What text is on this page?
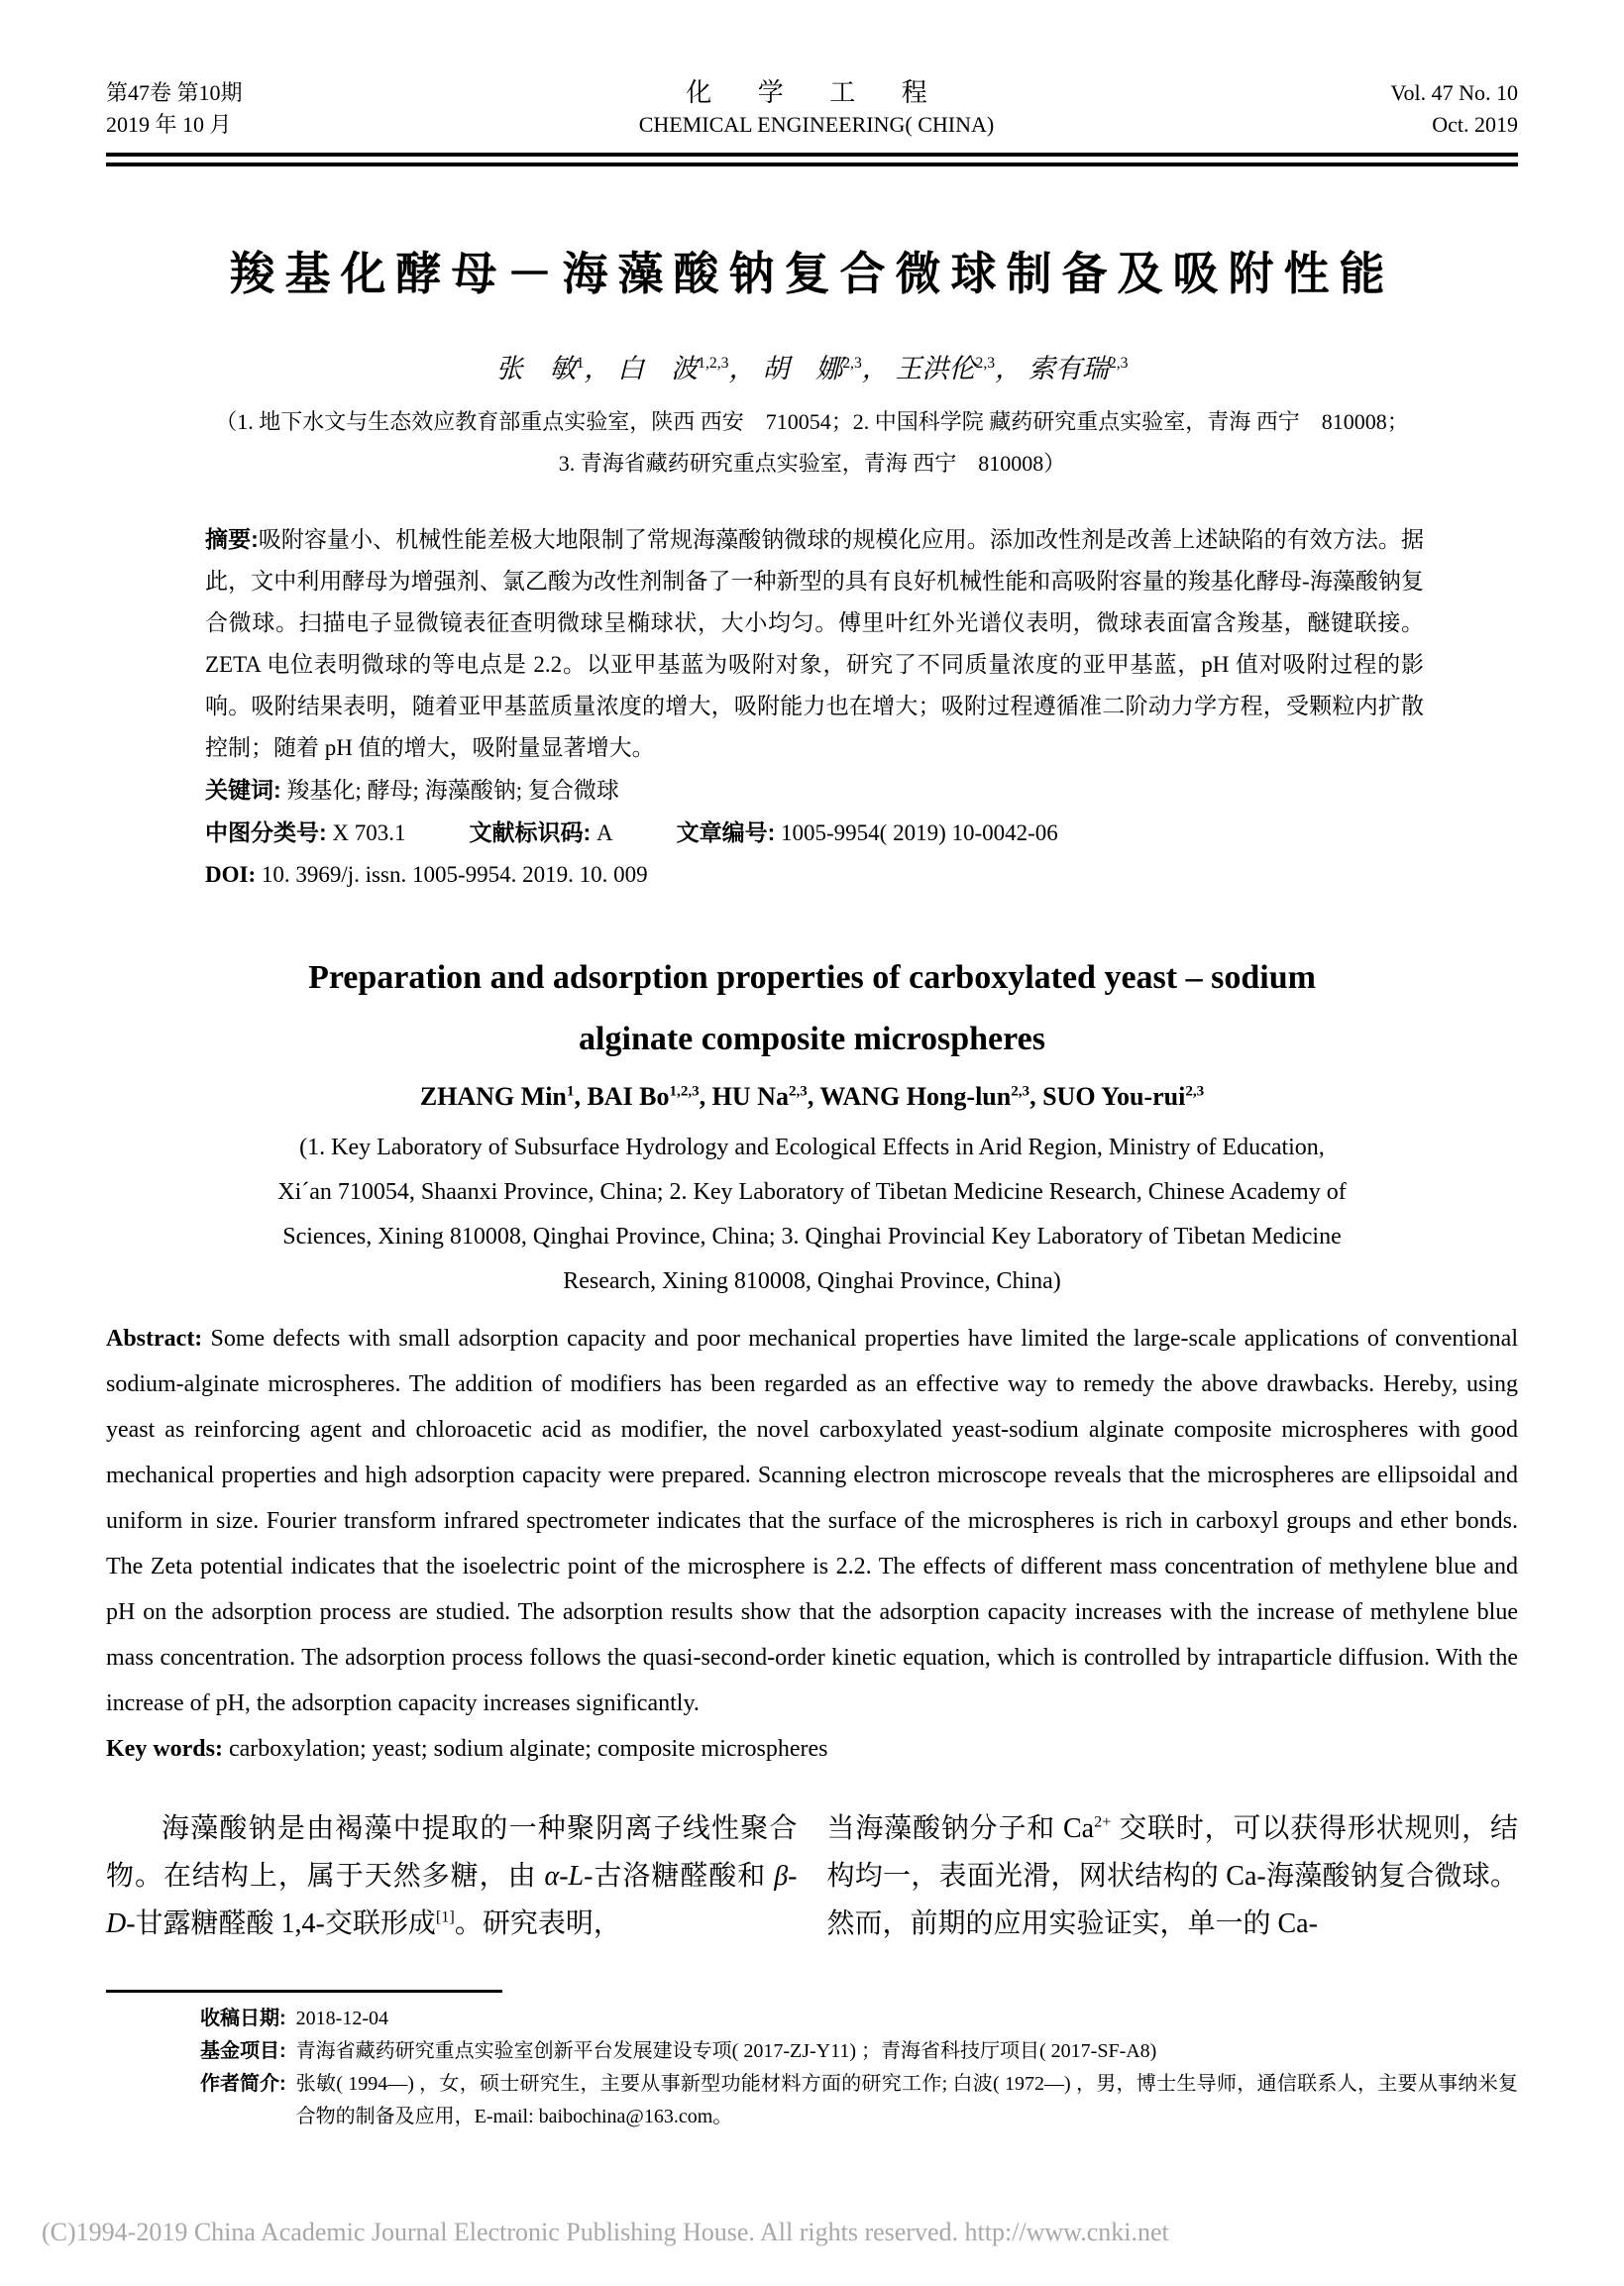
第47卷 第10期
2019 年 10 月
化 学 工 程
CHEMICAL ENGINEERING( CHINA)
Vol. 47 No. 10
Oct. 2019
羧基化酵母－海藻酸钠复合微球制备及吸附性能
张　敏$^1$， 白　波$^{1,2,3}$， 胡　娜$^{2,3}$， 王洪伦$^{2,3}$， 索有瑞$^{2,3}$
（1. 地下水文与生态效应教育部重点实验室，陕西 西安　710054；2. 中国科学院 藏药研究重点实验室，青海 西宁　810008；
3. 青海省藏药研究重点实验室，青海 西宁　810008）

摘要:吸附容量小、机械性能差极大地限制了常规海藻酸钠微球的规模化应用。添加改性剂是改善上述缺陷的有效方法。据此，文中利用酵母为增强剂、氯乙酸为改性剂制备了一种新型的具有良好机械性能和高吸附容量的羧基化酵母-海藻酸钠复合微球。扫描电子显微镜表征查明微球呈椭球状，大小均匀。傅里叶红外光谱仪表明，微球表面富含羧基，醚键联接。ZETA 电位表明微球的等电点是 2.2。以亚甲基蓝为吸附对象，研究了不同质量浓度的亚甲基蓝，pH 值对吸附过程的影响。吸附结果表明，随着亚甲基蓝质量浓度的增大，吸附能力也在增大；吸附过程遵循准二阶动力学方程，受颗粒内扩散控制；随着 pH 值的增大，吸附量显著增大。

关键词: 羧基化; 酵母; 海藻酸钠; 复合微球
中图分类号: X 703.1	文献标识码: A	文章编号: 1005-9954( 2019) 10-0042-06
DOI: 10. 3969/j. issn. 1005-9954. 2019. 10. 009
Preparation and adsorption properties of carboxylated yeast – sodium
alginate composite microspheres
ZHANG Min$^1$, BAI Bo$^{1,2,3}$, HU Na$^{2,3}$, WANG Hong-lun$^{2,3}$, SUO You-rui$^{2,3}$
(1. Key Laboratory of Subsurface Hydrology and Ecological Effects in Arid Region, Ministry of Education,
Xi´an 710054, Shaanxi Province, China; 2. Key Laboratory of Tibetan Medicine Research, Chinese Academy of
Sciences, Xining 810008, Qinghai Province, China; 3. Qinghai Provincial Key Laboratory of Tibetan Medicine
Research, Xining 810008, Qinghai Province, China)
Abstract: Some defects with small adsorption capacity and poor mechanical properties have limited the large-scale applications of conventional sodium-alginate microspheres. The addition of modifiers has been regarded as an effective way to remedy the above drawbacks. Hereby, using yeast as reinforcing agent and chloroacetic acid as modifier, the novel carboxylated yeast-sodium alginate composite microspheres with good mechanical properties and high adsorption capacity were prepared. Scanning electron microscope reveals that the microspheres are ellipsoidal and uniform in size. Fourier transform infrared spectrometer indicates that the surface of the microspheres is rich in carboxyl groups and ether bonds. The Zeta potential indicates that the isoelectric point of the microsphere is 2.2. The effects of different mass concentration of methylene blue and pH on the adsorption process are studied. The adsorption results show that the adsorption capacity increases with the increase of methylene blue mass concentration. The adsorption process follows the quasi-second-order kinetic equation, which is controlled by intraparticle diffusion. With the increase of pH, the adsorption capacity increases significantly.
Key words: carboxylation; yeast; sodium alginate; composite microspheres

海藻酸钠是由褐藻中提取的一种聚阴离子线性聚合物。在结构上，属于天然多糖，由 α-L-古洛糖醛酸和 β-D-甘露糖醛酸 1,4-交联形成[1]。研究表明，

当海藻酸钠分子和 $Ca^{2+}$ 交联时，可以获得形状规则，结构均一，表面光滑，网状结构的 Ca-海藻酸钠复合微球。然而，前期的应用实验证实，单一的 Ca-

收稿日期: 2018-12-04
基金项目: 青海省藏药研究重点实验室创新平台发展建设专项( 2017-ZJ-Y11) ；青海省科技厅项目( 2017-SF-A8)
作者简介: 张敏( 1994—) ，女，硕士研究生，主要从事新型功能材料方面的研究工作; 白波( 1972—) ，男，博士生导师，通信联系人，主要从事纳米复合物的制备及应用，E-mail: baibochina@163.com。
(C)1994-2019 China Academic Journal Electronic Publishing House. All rights reserved. http://www.cnki.net
